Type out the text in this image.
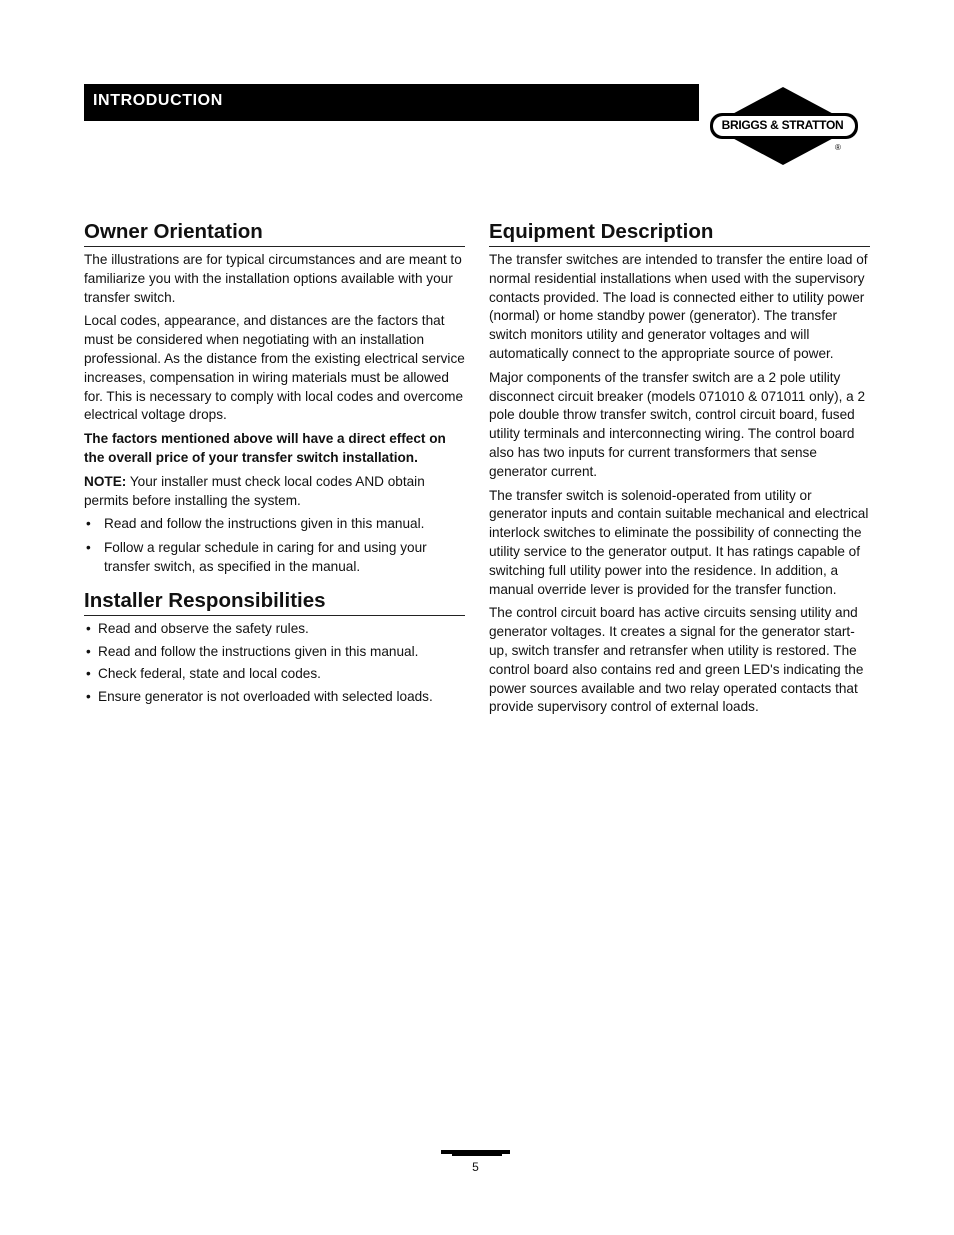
INTRODUCTION
BRIGGS & STRATTON
®
Owner Orientation

The illustrations are for typical circumstances and are meant to familiarize you with the installation options available with your transfer switch.

Local codes, appearance, and distances are the factors that must be considered when negotiating with an installation professional. As the distance from the existing electrical service increases, compensation in wiring materials must be allowed for. This is necessary to comply with local codes and overcome electrical voltage drops.

The factors mentioned above will have a direct effect on the overall price of your transfer switch installation.

NOTE: Your installer must check local codes AND obtain permits before installing the system.

• Read and follow the instructions given in this manual.
• Follow a regular schedule in caring for and using your transfer switch, as specified in the manual.
Installer Responsibilities
• Read and observe the safety rules.
• Read and follow the instructions given in this manual.
• Check federal, state and local codes.
• Ensure generator is not overloaded with selected loads.
Equipment Description

The transfer switches are intended to transfer the entire load of normal residential installations when used with the supervisory contacts provided. The load is connected either to utility power (normal) or home standby power (generator). The transfer switch monitors utility and generator voltages and will automatically connect to the appropriate source of power.

Major components of the transfer switch are a 2 pole utility disconnect circuit breaker (models 071010 & 071011 only), a 2 pole double throw transfer switch, control circuit board, fused utility terminals and interconnecting wiring. The control board also has two inputs for current transformers that sense generator current.

The transfer switch is solenoid-operated from utility or generator inputs and contain suitable mechanical and electrical interlock switches to eliminate the possibility of connecting the utility service to the generator output. It has ratings capable of switching full utility power into the residence. In addition, a manual override lever is provided for the transfer function.

The control circuit board has active circuits sensing utility and generator voltages. It creates a signal for the generator start-up, switch transfer and retransfer when utility is restored. The control board also contains red and green LED's indicating the power sources available and two relay operated contacts that provide supervisory control of external loads.

5
